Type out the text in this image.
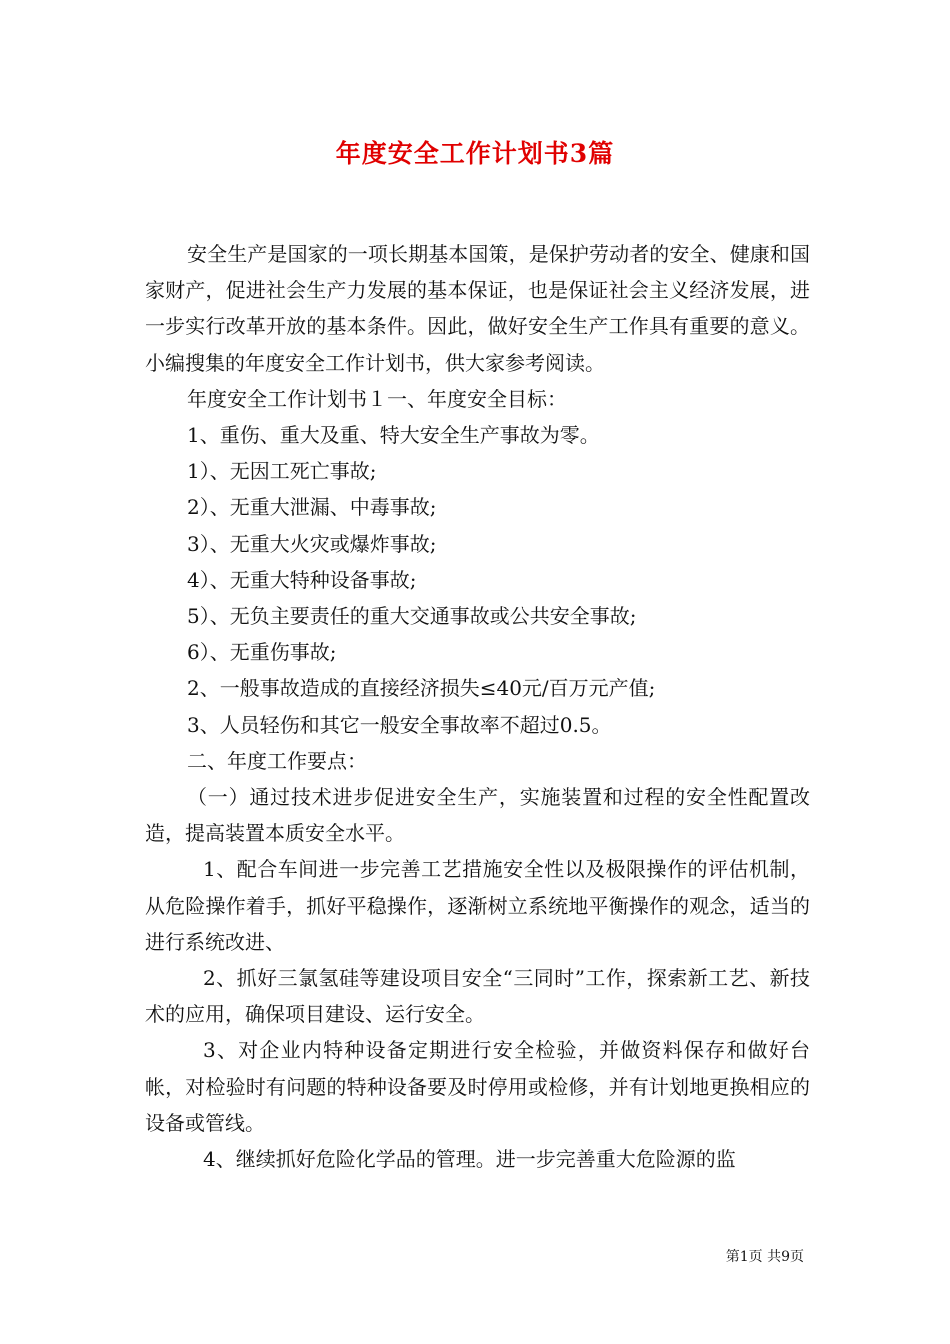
年度安全工作计划书3篇

安全生产是国家的一项长期基本国策，是保护劳动者的安全、健康和国家财产，促进社会生产力发展的基本保证，也是保证社会主义经济发展，进一步实行改革开放的基本条件。因此，做好安全生产工作具有重要的意义。小编搜集的年度安全工作计划书，供大家参考阅读。

年度安全工作计划书１一、年度安全目标：

1、重伤、重大及重、特大安全生产事故为零。

1）、无因工死亡事故;

2）、无重大泄漏、中毒事故;

3）、无重大火灾或爆炸事故;

4）、无重大特种设备事故;

5）、无负主要责任的重大交通事故或公共安全事故;

6）、无重伤事故;

2、一般事故造成的直接经济损失≤40元/百万元产值;

3、人员轻伤和其它一般安全事故率不超过0.5。

二、年度工作要点：

（一）通过技术进步促进安全生产，实施装置和过程的安全性配置改造，提高装置本质安全水平。

1、配合车间进一步完善工艺措施安全性以及极限操作的评估机制，从危险操作着手，抓好平稳操作，逐渐树立系统地平衡操作的观念，适当的进行系统改进、

2、抓好三氯氢硅等建设项目安全“三同时”工作，探索新工艺、新技术的应用，确保项目建设、运行安全。

3、对企业内特种设备定期进行安全检验，并做资料保存和做好台帐，对检验时有问题的特种设备要及时停用或检修，并有计划地更换相应的设备或管线。

4、继续抓好危险化学品的管理。进一步完善重大危险源的监

第1页 共9页
